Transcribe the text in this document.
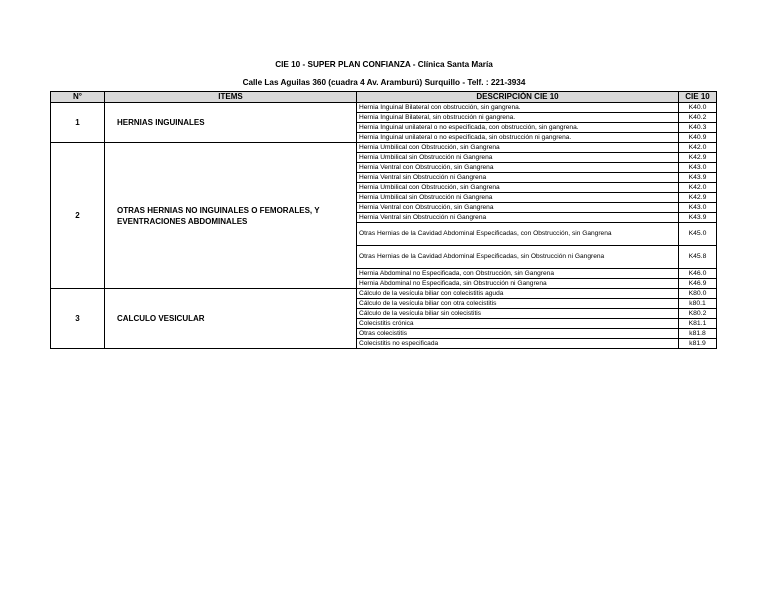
CIE 10 - SUPER PLAN CONFIANZA - Clínica Santa María
Calle Las Aguilas 360 (cuadra 4 Av. Aramburú) Surquillo - Telf. : 221-3934
N°	ITEMS	DESCRIPCIÓN CIE 10	CIE 10
1	HERNIAS INGUINALES	Hernia Inguinal Bilateral con obstrucción, sin gangrena.	K40.0
		Hernia Inguinal Bilateral, sin obstrucción ni gangrena.	K40.2
		Hernia Inguinal unilateral o no especificada, con obstrucción, sin gangrena.	K40.3
		Hernia Inguinal unilateral o no especificada, sin obstrucción ni gangrena.	K40.9
2	OTRAS HERNIAS NO INGUINALES O FEMORALES, Y EVENTRACIONES ABDOMINALES	Hernia Umbilical con Obstrucción, sin Gangrena	K42.0
		Hernia Umbilical sin Obstrucción ni Gangrena	K42.9
		Hernia Ventral con Obstrucción, sin Gangrena	K43.0
		Hernia Ventral sin Obstrucción ni Gangrena	K43.9
		Hernia Umbilical con Obstrucción, sin Gangrena	K42.0
		Hernia Umbilical sin Obstrucción ni Gangrena	K42.9
		Hernia Ventral con Obstrucción, sin Gangrena	K43.0
		Hernia Ventral sin Obstrucción ni Gangrena	K43.9
		Otras Hernias de la Cavidad Abdominal Especificadas, con Obstrucción, sin Gangrena	K45.0
		Otras Hernias de la Cavidad Abdominal Especificadas, sin Obstrucción ni Gangrena	K45.8
		Hernia Abdominal no Especificada, con Obstrucción, sin Gangrena	K46.0
		Hernia Abdominal no Especificada, sin Obstrucción ni Gangrena	K46.9
3	CALCULO VESICULAR	Cálculo de la vesícula biliar con colecistitis aguda	K80.0
		Cálculo de la vesícula biliar con otra colecistitis	k80.1
		Cálculo de la vesícula biliar sin colecistitis	K80.2
		Colecistitis crónica	K81.1
		Otras colecistitis	k81.8
		Colecistitis no especificada	k81.9
